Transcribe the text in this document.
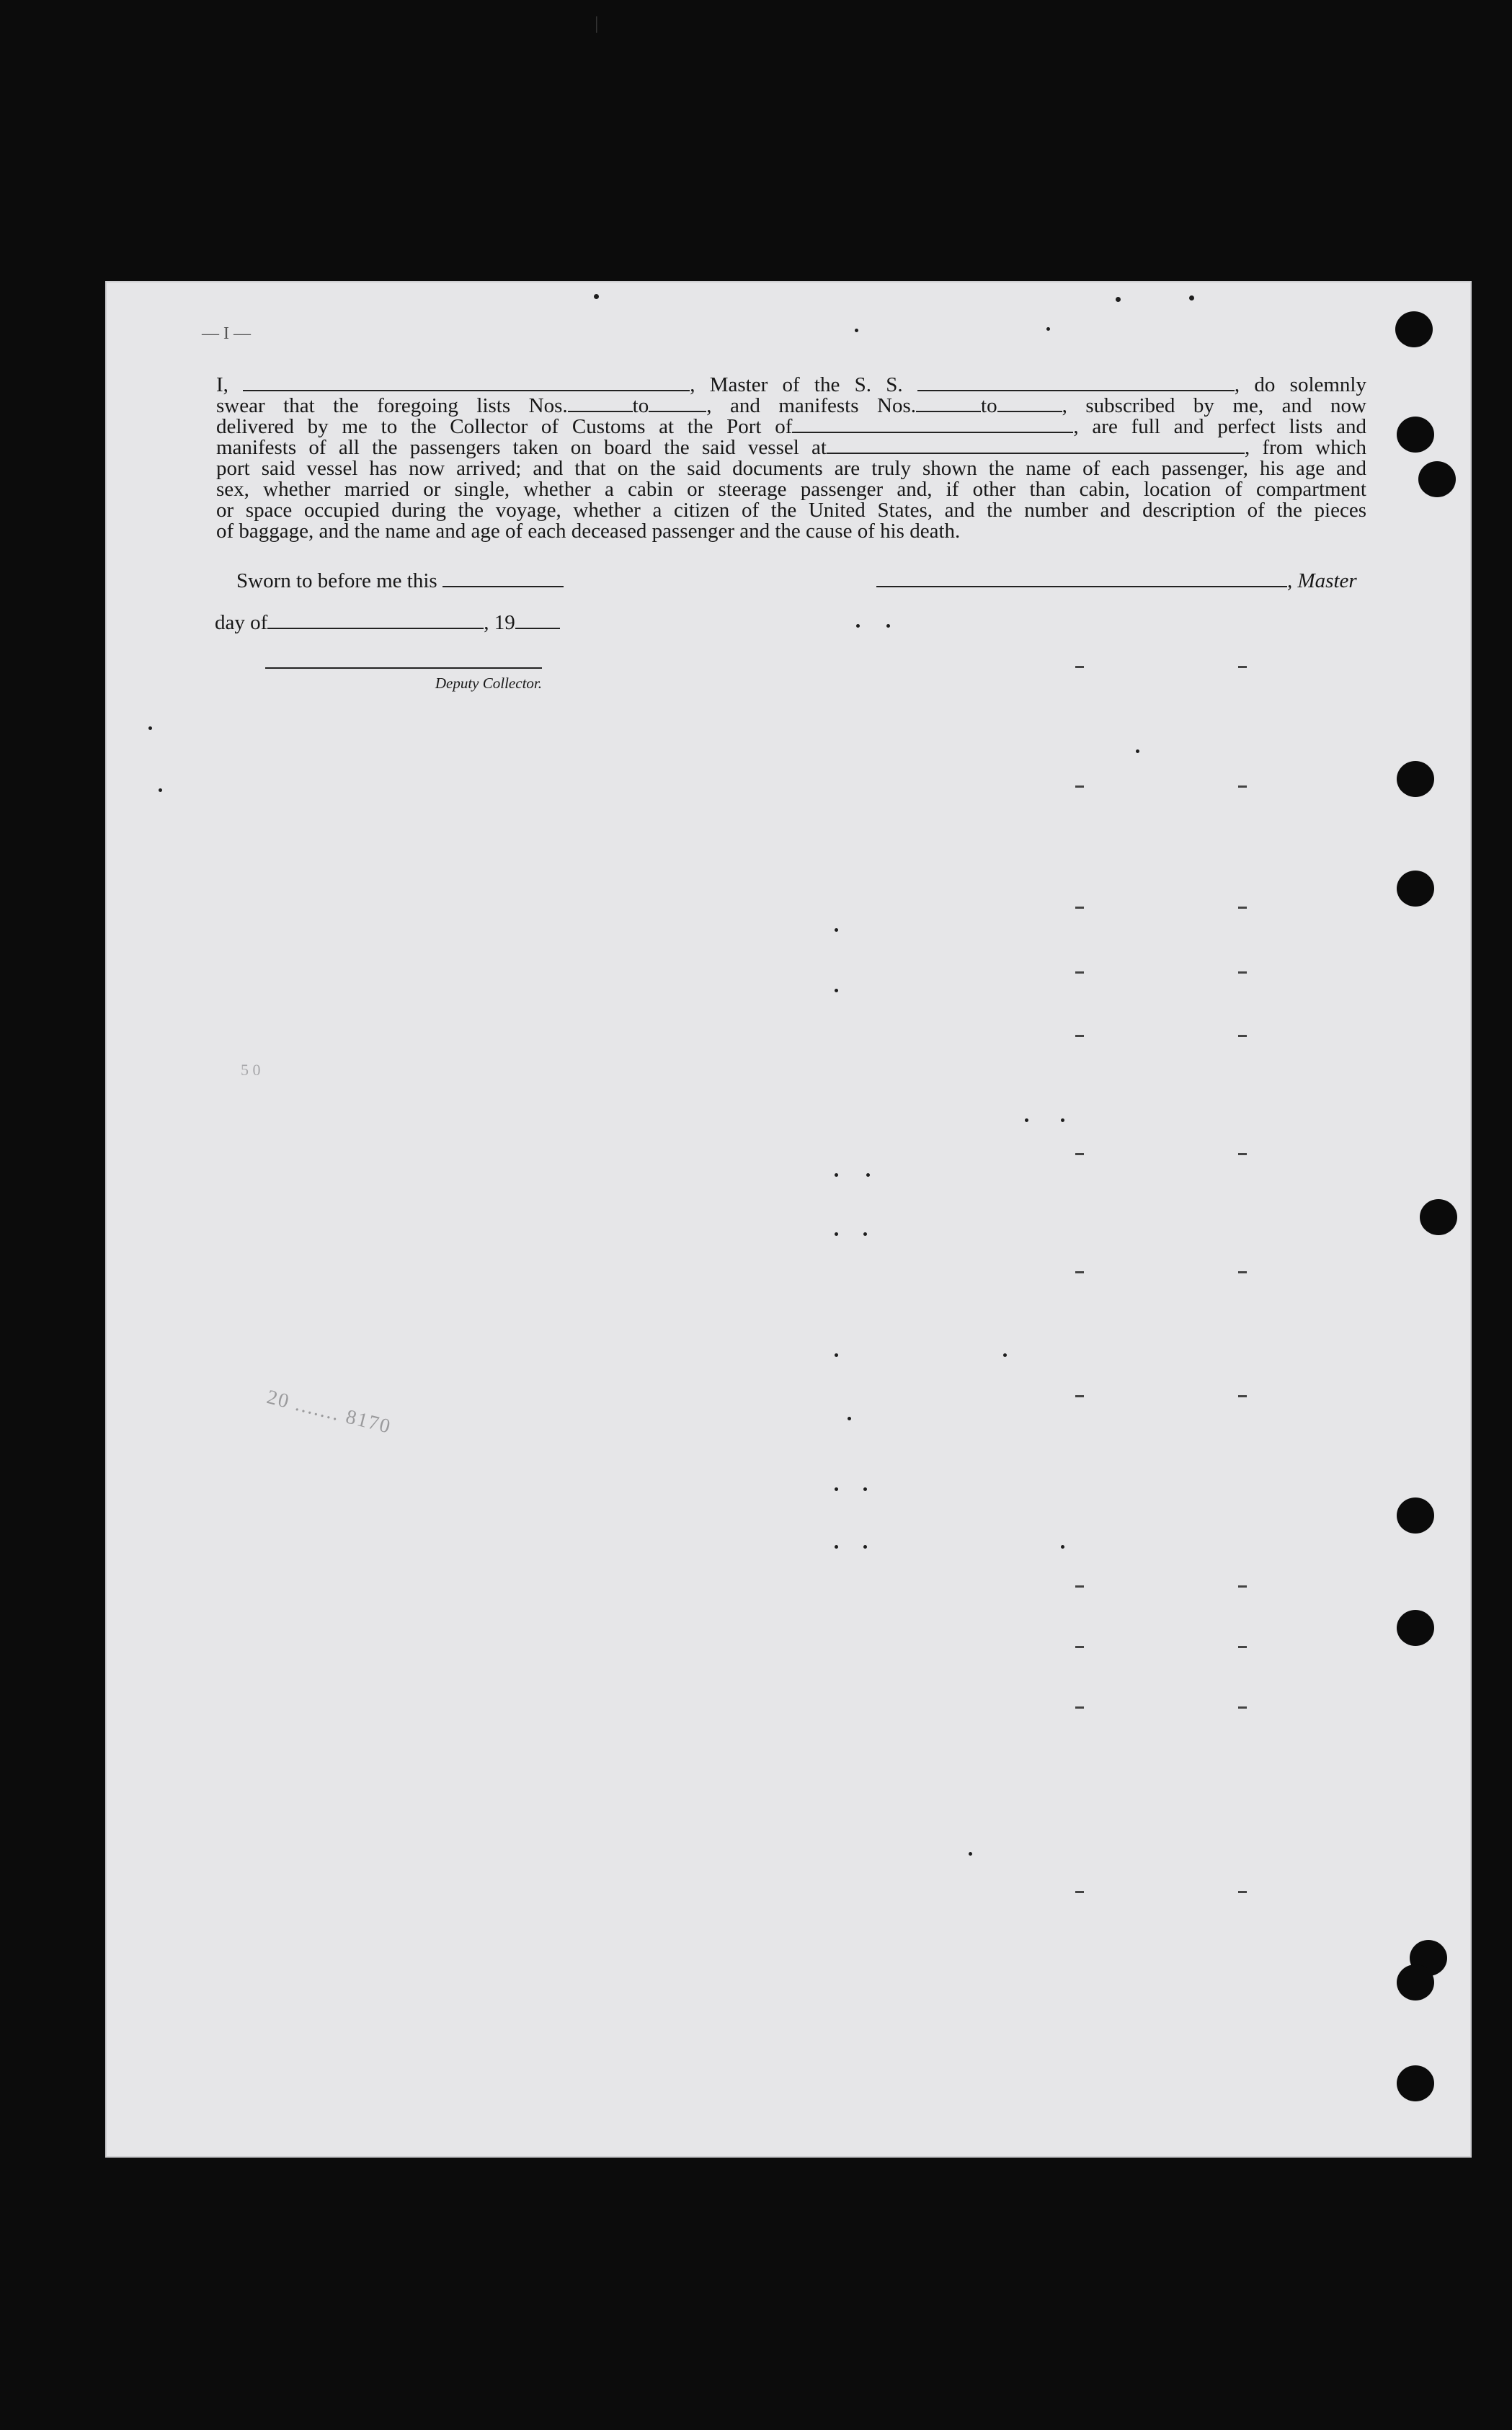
ᛁ
— I —

I,	, Master of the S. S.	, do solemnly

swear that the foregoing lists Nos.	to	, and manifests Nos.	to	, subscribed by me, and now

delivered by me to the Collector of Customs at the Port of	, are full and perfect lists and

manifests of all the passengers taken on board the said vessel at	, from which

port said vessel has now arrived; and that on the said documents are truly shown the name of each passenger, his age and

sex, whether married or single, whether a cabin or steerage passenger and, if other than cabin, location of compartment

or space occupied during the voyage, whether a citizen of the United States, and the number and description of the pieces

of baggage, and the name and age of each deceased passenger and the cause of his death.

Sworn to before me this	, Master
day of	, 19
Deputy Collector.
5 0
20 ....... 8170
